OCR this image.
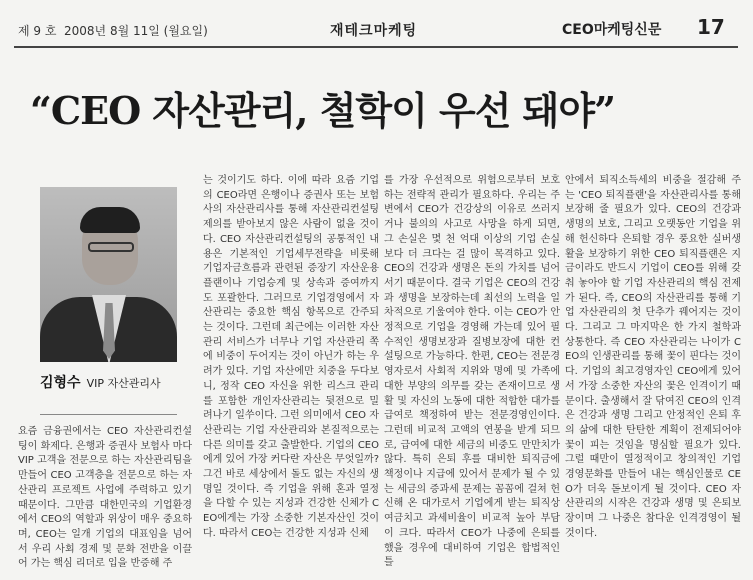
제 9 호 2008년 8월 11일 (월요일)	재테크마케팅	CEO마케팅신문 17
“CEO 자산관리, 철학이 우선 돼야”
김형수 VIP 자산관리사

요즘 금융권에서는 CEO 자산관리컨설팅이 화제다. 은행과 증권사 보험사 마다 VIP 고객을 전문으로 하는 자산관리팀을 만들어 CEO 고객층을 전문으로 하는 자산관리 프로젝트 사업에 주력하고 있기 때문이다. 그만큼 대한민국의 기업환경에서 CEO의 역할과 위상이 매우 중요하며, CEO는 일개 기업의 대표임을 넘어서 우리 사회 경제 및 문화 전반을 이끌어 가는 핵심 리더로 입을 반증해 주

는 것이기도 하다. 이에 따라 요즘 기업의 CEO라면 은행이나 증권사 또는 보험사의 자산관리사를 통해 자산관리컨설팅 제의를 받아보지 않은 사람이 없을 것이다. CEO 자산관리컨설팅의 공통적인 내용은 기본적인 기업세무전략을 비롯해 기업자금흐름과 관련된 증장기 자산운용플랜이나 기업승계 및 상속과 증여까지도 포괄한다. 그러므로 기업경영에서 자산관리는 중요한 핵심 항목으로 간주되는 것이다. 그런데 최근에는 이러한 자산관리 서비스가 너무나 기업 자산관리 쪽에 비중이 두어지는 것이 아닌가 하는 우려가 있다. 기업 자산에만 치중을 두다보니, 정작 CEO 자신을 위한 리스크 관리를 포함한 개인자산관리는 뒷전으로 밀려나기 일쑤이다. 그런 의미에서 CEO 자산관리는 기업 자산관리와 본질적으로는 다른 의미를 갖고 출발한다. 기업의 CEO에게 있어 가장 커다란 자산은 무엇일까? 그건 바로 세상에서 돌도 없는 자신의 생명일 것이다. 즉 기업을 위해 혼과 열정을 다할 수 있는 지성과 건강한 신체가 CEO에게는 가장 소중한 기본자산인 것이다. 따라서 CEO는 건강한 지성과 신체

를 가장 우선적으로 위험으로부터 보호하는 전략적 관리가 필요하다. 우리는 주변에서 CEO가 건강상의 이유로 쓰러지거나 불의의 사고로 사망을 하게 되면, 그 손실은 몇 천 억대 이상의 기업 손실보다 더 크다는 걸 많이 목격하고 있다. CEO의 건강과 생명은 돈의 가치를 넘어서기 때문이다. 결국 기업은 CEO의 건강과 생명을 보장하는데 최선의 노력을 일차적으로 기울여야 한다. 이는 CEO가 안정적으로 기업을 경영해 가는데 있어 필수적인 생명보장과 질병보장에 대한 컨설팅으로 가능하다. 한편, CEO는 전문경영자로서 사회적 지위와 명예 및 가족에 대한 부양의 의무를 갖는 존재이므로 생활 및 자신의 노동에 대한 적합한 대가를 급여로 책정하여 받는 전문경영인이다. 그런데 비교적 고액의 연봉을 받게 되므로, 급여에 대한 세금의 비중도 만만치가 않다. 특히 은퇴 후를 대비한 퇴직금에 책정이나 지급에 있어서 문제가 될 수 있는 세금의 증과세 문제는 꼼꼼에 걸쳐 헌신해 온 대가로서 기업에게 받는 퇴직상여금치고 과세비율이 비교적 높아 부담이 크다. 따라서 CEO가 나중에 은퇴를 했을 경우에 대비하여 기업은 합법적인 틀

안에서 퇴직소득세의 비중을 절감해 주는 'CEO 퇴직플랜'을 자산관리사를 통해 보장해 줄 필요가 있다. CEO의 건강과 생명의 보호, 그리고 오랫동안 기업을 위해 헌신하다 은퇴할 경우 풍요한 실버생활을 보장하기 위한 CEO 퇴직플랜은 지금이라도 반드시 기업이 CEO를 위해 갖춰 놓아야 할 기업 자산관리의 핵심 전제가 된다. 즉, CEO의 자산관리를 통해 기업 자산관리의 첫 단추가 꿰어지는 것이다. 그리고 그 마지막은 한 가지 철학과 상통한다. 즉 CEO 자산관리는 나이가 CEO의 인생관리를 통해 꽃이 핀다는 것이다. 기업의 최고경영자인 CEO에게 있어서 가장 소중한 자산의 꽃은 인격이기 때문이다. 출생해서 잘 닦여진 CEO의 인격은 건강과 생명 그리고 안정적인 은퇴 후의 삶에 대한 탄탄한 계획이 전제되어야 꽃이 피는 것임을 명심할 필요가 있다. 그럴 때만이 열정적이고 창의적인 기업경영문화를 만들어 내는 핵심인물로 CEO가 더욱 돋보이게 될 것이다. CEO 자산관리의 시작은 건강과 생명 및 은퇴보장이며 그 나중은 참다운 인격경영이 될 것이다.
